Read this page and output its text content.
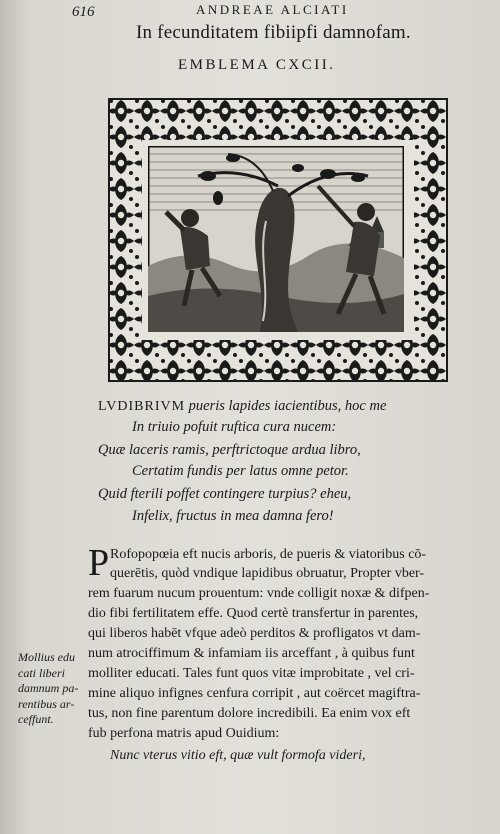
616	ANDREAE ALCIATI
In fecunditatem fibiipfi damnofam.
EMBLEMA CXCII.
LVDIBRIVM pueris lapides iacientibus, hoc me
In triuio pofuit ruftica cura nucem:
Quæ laceris ramis, perftrictoque ardua libro,
Certatim fundis per latus omne petor.
Quid fterili poffet contingere turpius? eheu,
Infelix, fructus in mea damna fero!
P Rofopopœia eft nucis arboris, de pueris & viatoribus cō-
querētis, quòd vndique lapidibus obruatur, Propter vber-
rem fuarum nucum prouentum: vnde colligit noxæ & difpen-
dio fibi fertilitatem effe. Quod certè transfertur in parentes,
qui liberos habēt vfque adeò perditos & profligatos vt dam-
num atrociffimum & infamiam iis arceffant , à quibus funt
molliter educati. Tales funt quos vitæ improbitate , vel cri-
mine aliquo infignes cenfura corripit , aut coërcet magiftra-
tus, non fine parentum dolore incredibili. Ea enim vox eft
fub perfona matris apud Ouidium:
Nunc vterus vitio eft, quæ vult formofa videri,
Mollius edu
cati liberi
damnum pa-
rentibus ar-
ceffunt.
